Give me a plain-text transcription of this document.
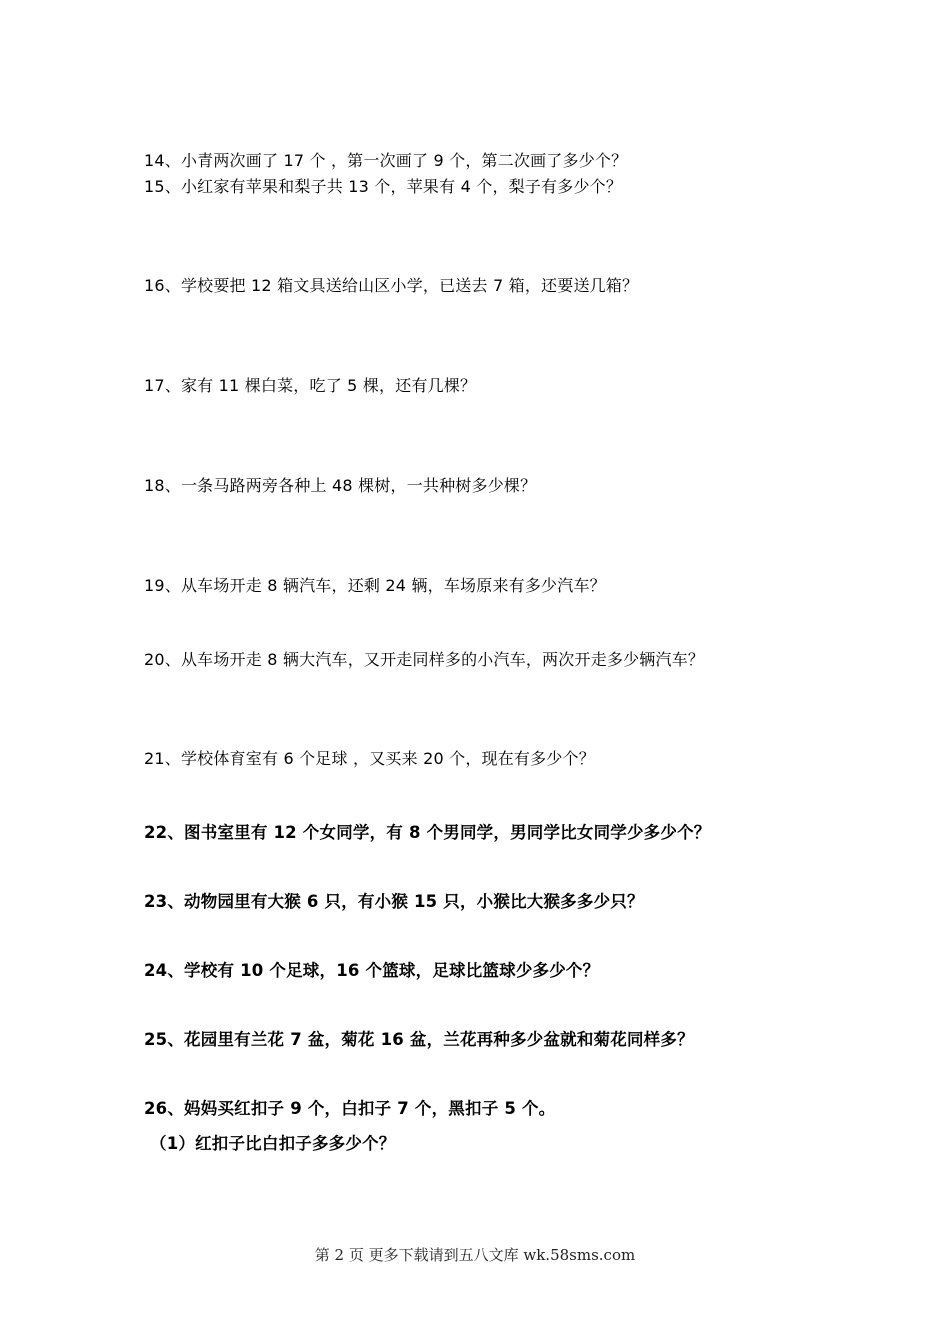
14、小青两次画了 17 个 ，第一次画了 9 个，第二次画了多少个？
15、小红家有苹果和梨子共 13 个，苹果有 4 个，梨子有多少个？
16、学校要把 12 箱文具送给山区小学，已送去 7 箱，还要送几箱？
17、家有 11 棵白菜，吃了 5 棵，还有几棵？
18、一条马路两旁各种上 48 棵树，一共种树多少棵？
19、从车场开走 8 辆汽车，还剩 24 辆，车场原来有多少汽车？
20、从车场开走 8 辆大汽车，又开走同样多的小汽车，两次开走多少辆汽车？
21、学校体育室有 6 个足球 ，又买来 20 个，现在有多少个？
22、图书室里有 12 个女同学，有 8 个男同学，男同学比女同学少多少个？
23、动物园里有大猴 6 只，有小猴 15 只，小猴比大猴多多少只？
24、学校有 10 个足球，16 个篮球，足球比篮球少多少个？
25、花园里有兰花 7 盆，菊花 16 盆，兰花再种多少盆就和菊花同样多？
26、妈妈买红扣子 9 个，白扣子 7 个，黑扣子 5 个。
（1）红扣子比白扣子多多少个？
第 2 页 更多下载请到五八文库 wk.58sms.com
